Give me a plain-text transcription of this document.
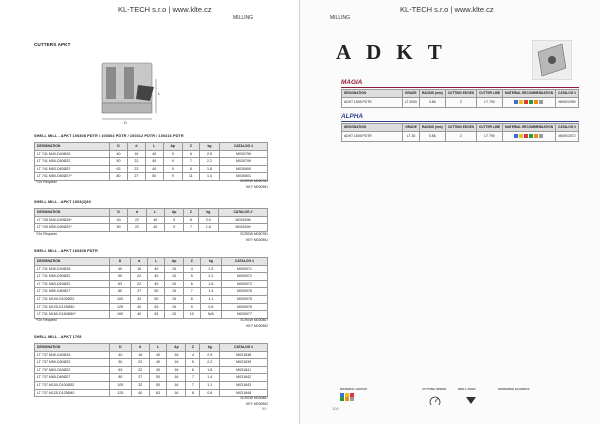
KL-TECH s.r.o | www.klte.cz
MILLING
CUTTERS APKT
L
D
SHELL MILL - APKT 100308 PDTR / 100304 PDTR / 100312 PDTR / 100316 PDTR
DESIGNATION	D	d	L	Ap	Z	kg	CATALOG #
LT 741 M40-D40Ø16	40	16	40	9	6	2.5	M030796
LT 741 M50-D50Ø22	50	22	40	9	7	2.2	M030799
LT 741 M63-D63Ø22	63	22	40	9	8	1.8	M030800
LT 741 M80-D80Ø27*	80	27	50	9	11	1.4	M030801
*On Request	SCREW M030781
KEY M030961
SHELL MILL - APKT 1003(2)60
DESIGNATION	D	d	L	Ap	Z	kg	CATALOG #
LT 745 M40-D40Ø16*	40	22	40	9	6	2.0	M031598
LT 745 M50-D50Ø22*	50	22	40	9	7	1.8	M031599
*On Request	SCREW M030781
KEY M030961
SHELL MILL - APKT 160408 PDTR
DESIGNATION	D	d	L	Ap	Z	kg	CATALOG #
LT 731 M40-D40Ø16	40	16	40	15	4	2.5	M030971
LT 731 M50-D50Ø22	50	22	40	15	5	2.2	M030972
LT 731 M63-D63Ø22	63	22	40	15	6	1.8	M030973
LT 731 M80-D80Ø27	80	27	50	15	7	1.4	M030976
LT 731 M100-D100Ø32	100	32	50	15	8	1.1	M030975
LT 731 M125-D125Ø40	125	40	63	15	9	0.8	M030976
LT 731 M160-D160Ø40*	160	40	63	15	10	N/A	M030977
*On Request	SCREW M030867
KEY M030962
SHELL MILL - APKT 1705
DESIGNATION	D	d	L	Ap	Z	kg	CATALOG #
LT 737 M40-D40Ø16	40	16	40	16	4	2.5	M031838
LT 737 M50-D50Ø22	50	22	40	16	5	2.2	M031839
LT 737 M63-D63Ø22	63	22	40	16	6	1.8	M031841
LT 737 M80-D80Ø27	80	27	50	16	7	1.4	M031842
LT 737 M100-D100Ø32	100	32	50	16	7	1.1	M031843
LT 737 M125-D125Ø40	125	40	63	16	8	0.8	M031848
SCREW M030887
KEY M030962
99
MILLING
KL-TECH s.r.o | www.klte.cz
ADKT
MAGIA
DESIGNATION	GRADE	RADIUS (mm)	CUTTING EDGES	CUTTER LINE	MATERIAL RECOMMENDATION	CATALOG #
ADKT 1505 PDTR	LT 2000	0.86	2	LT 790		M000/2099
ALPHA
DESIGNATION	GRADE	RADIUS (mm)	CUTTING EDGES	CUTTER LINE	MATERIAL RECOMMENDATION	CATALOG #
ADKT 1505 PDTR	LT 30	0.86	2	LT 790		M000/1572
MATERIAL GROUP	CUTTING SPEED	DRILL FEED	ORDERING EXAMPLE
100
